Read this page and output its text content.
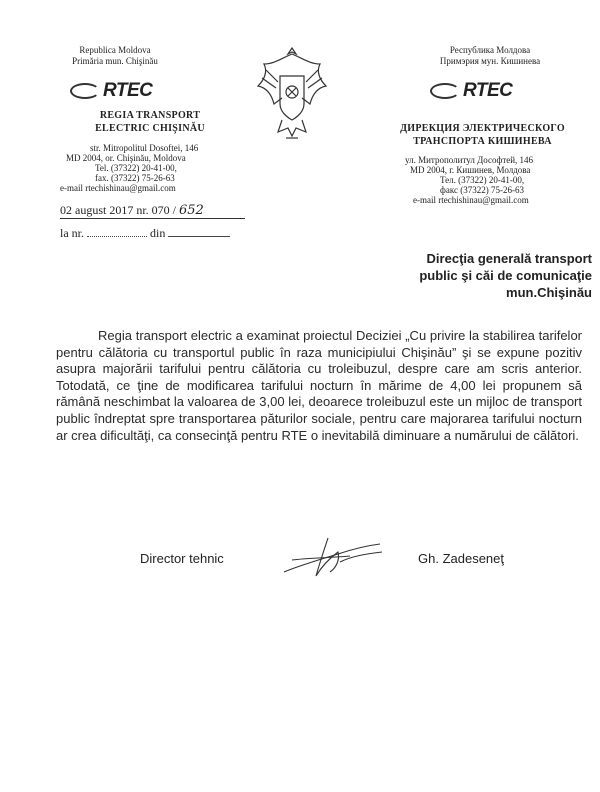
Republica Moldova
Primăria mun. Chişinău
RTEC
REGIA TRANSPORT
ELECTRIC CHIŞINĂU
str. Mitropolitul Dosoftei, 146
MD 2004, or. Chişinău, Moldova
Tel. (37322) 20-41-00,
fax. (37322) 75-26-63
e-mail rtechishinau@gmail.com
Республика Молдова
Примэрия мун. Кишинева
RTEC
ДИРЕКЦИЯ ЭЛЕКТРИЧЕСКОГО
ТРАНСПОРТА КИШИНЕВА
ул. Митрополитул Дософтей, 146
MD 2004, г. Кишинев, Молдова
Тел. (37322) 20-41-00,
факс (37322) 75-26-63
e-mail rtechishinau@gmail.com
02 august 2017 nr. 070 / 652
la nr.	din
Direcţia generală transport
public şi căi de comunicaţie
mun.Chişinău
Regia transport electric a examinat proiectul Deciziei „Cu privire la stabilirea tarifelor pentru călătoria cu transportul public în raza municipiului Chişinău” şi se expune pozitiv asupra majorării tarifului pentru călătoria cu troleibuzul, despre care am scris anterior. Totodată, ce ţine de modificarea tarifului nocturn în mărime de 4,00 lei propunem să rămână neschimbat la valoarea de 3,00 lei, deoarece troleibuzul este un mijloc de transport public îndreptat spre transportarea păturilor sociale, pentru care majorarea tarifului nocturn ar crea dificultăţi, ca consecinţă pentru RTE o inevitabilă diminuare a numărului de călători.
Director tehnic	Gh. Zadeseneţ
